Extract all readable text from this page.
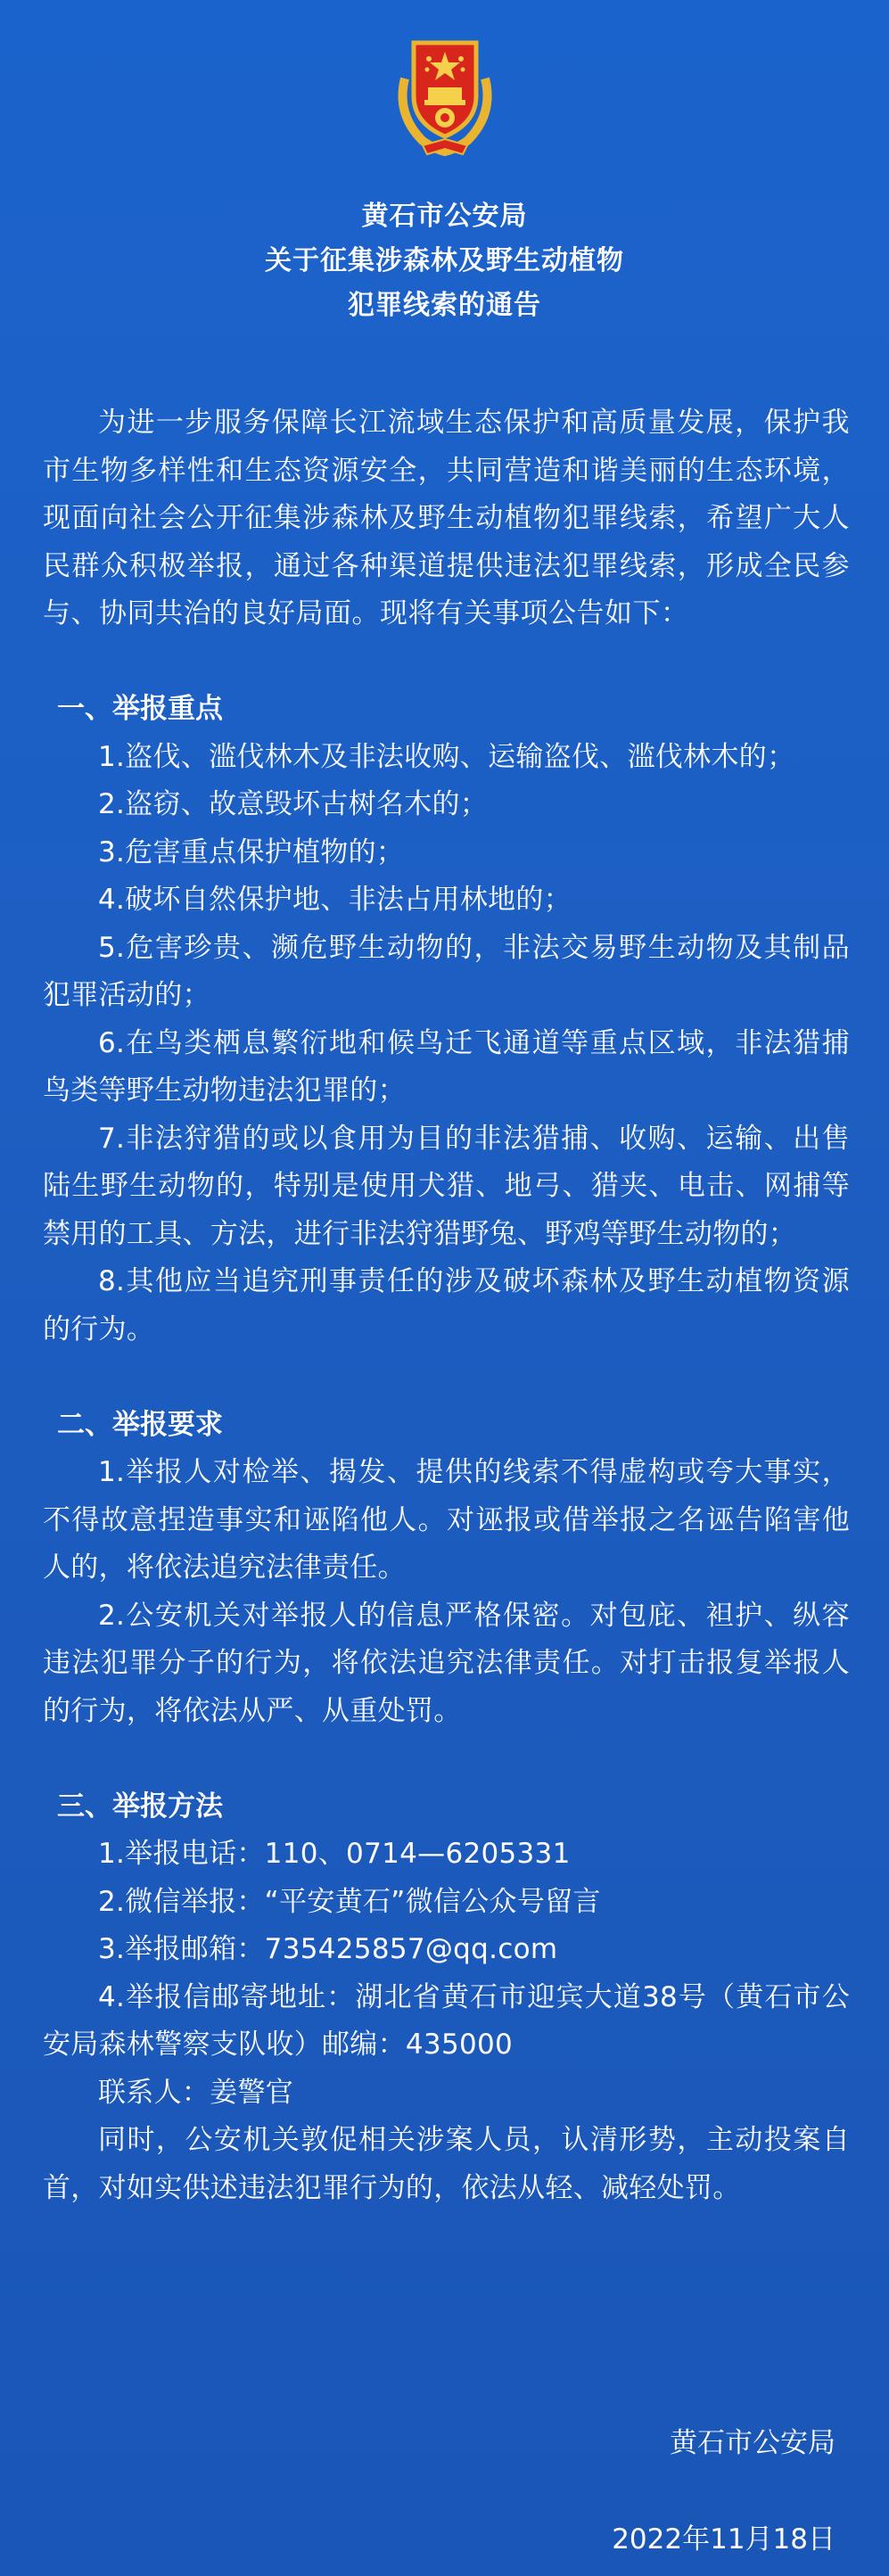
黄石市公安局
关于征集涉森林及野生动植物
犯罪线索的通告

为进一步服务保障长江流域生态保护和高质量发展，保护我市生物多样性和生态资源安全，共同营造和谐美丽的生态环境，现面向社会公开征集涉森林及野生动植物犯罪线索，希望广大人民群众积极举报，通过各种渠道提供违法犯罪线索，形成全民参与、协同共治的良好局面。现将有关事项公告如下：

一、举报重点

1.盗伐、滥伐林木及非法收购、运输盗伐、滥伐林木的；

2.盗窃、故意毁坏古树名木的；

3.危害重点保护植物的；

4.破坏自然保护地、非法占用林地的；

5.危害珍贵、濒危野生动物的，非法交易野生动物及其制品犯罪活动的；

6.在鸟类栖息繁衍地和候鸟迁飞通道等重点区域，非法猎捕鸟类等野生动物违法犯罪的；

7.非法狩猎的或以食用为目的非法猎捕、收购、运输、出售陆生野生动物的，特别是使用犬猎、地弓、猎夹、电击、网捕等禁用的工具、方法，进行非法狩猎野兔、野鸡等野生动物的；

8.其他应当追究刑事责任的涉及破坏森林及野生动植物资源的行为。

二、举报要求

1.举报人对检举、揭发、提供的线索不得虚构或夸大事实，不得故意捏造事实和诬陷他人。对诬报或借举报之名诬告陷害他人的，将依法追究法律责任。

2.公安机关对举报人的信息严格保密。对包庇、袒护、纵容违法犯罪分子的行为，将依法追究法律责任。对打击报复举报人的行为，将依法从严、从重处罚。

三、举报方法

1.举报电话：110、0714—6205331

2.微信举报：“平安黄石”微信公众号留言

3.举报邮箱：735425857@qq.com

4.举报信邮寄地址：湖北省黄石市迎宾大道38号（黄石市公安局森林警察支队收）邮编：435000

联系人：姜警官

同时，公安机关敦促相关涉案人员，认清形势，主动投案自首，对如实供述违法犯罪行为的，依法从轻、减轻处罚。

黄石市公安局
2022年11月18日
